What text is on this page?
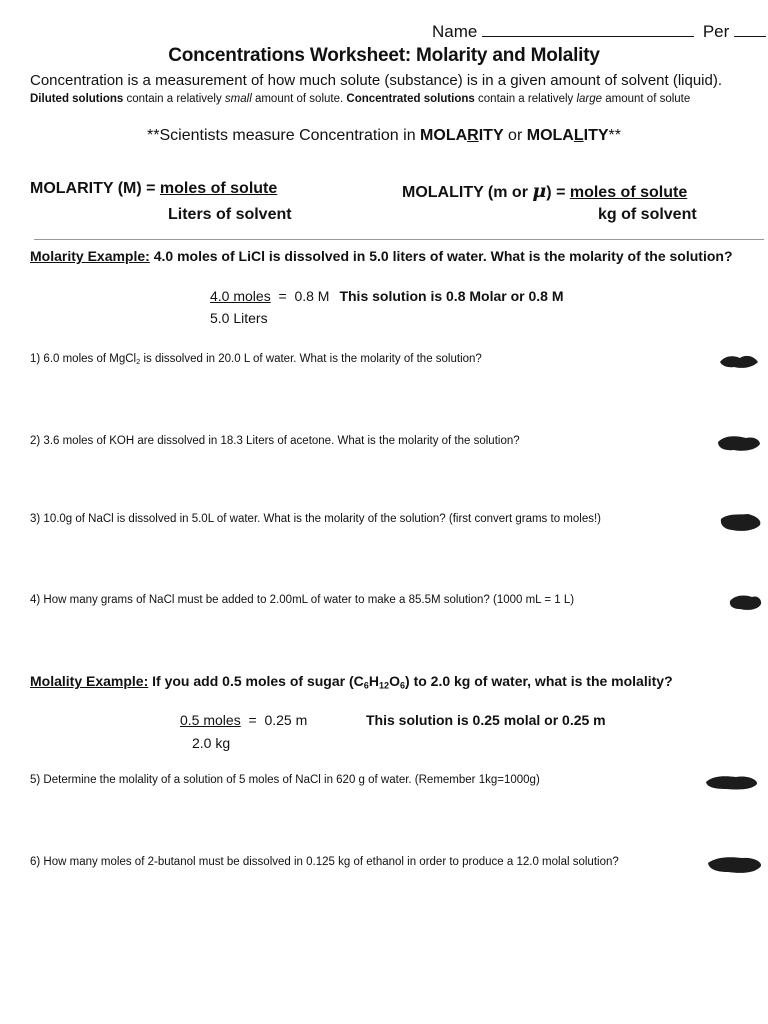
Name	Per
Concentrations Worksheet: Molarity and Molality
Concentration is a measurement of how much solute (substance) is in a given amount of solvent (liquid).
Diluted solutions contain a relatively small amount of solute. Concentrated solutions contain a relatively large amount of solute
**Scientists measure Concentration in MOLARITY or MOLALITY**
MOLARITY (M) = moles of solute
Liters of solvent
MOLALITY (m or μ) = moles of solute
kg of solvent
Molarity Example: 4.0 moles of LiCl is dissolved in 5.0 liters of water. What is the molarity of the solution?
4.0 moles  =  0.8 M This solution is 0.8 Molar or 0.8 M
5.0 Liters
1) 6.0 moles of MgCl$_2$ is dissolved in 20.0 L of water. What is the molarity of the solution?
2) 3.6 moles of KOH are dissolved in 18.3 Liters of acetone. What is the molarity of the solution?
3) 10.0g of NaCl is dissolved in 5.0L of water. What is the molarity of the solution? (first convert grams to moles!)
4) How many grams of NaCl must be added to 2.00mL of water to make a 85.5M solution? (1000 mL = 1 L)
Molality Example: If you add 0.5 moles of sugar $(C_6H_{12}O_6)$ to 2.0 kg of water, what is the molality?
0.5 moles  =  0.25 m	This solution is 0.25 molal or 0.25 m
2.0 kg
5) Determine the molality of a solution of 5 moles of NaCl in 620 g of water. (Remember 1kg=1000g)
6) How many moles of 2-butanol must be dissolved in 0.125 kg of ethanol in order to produce a 12.0 molal solution?
